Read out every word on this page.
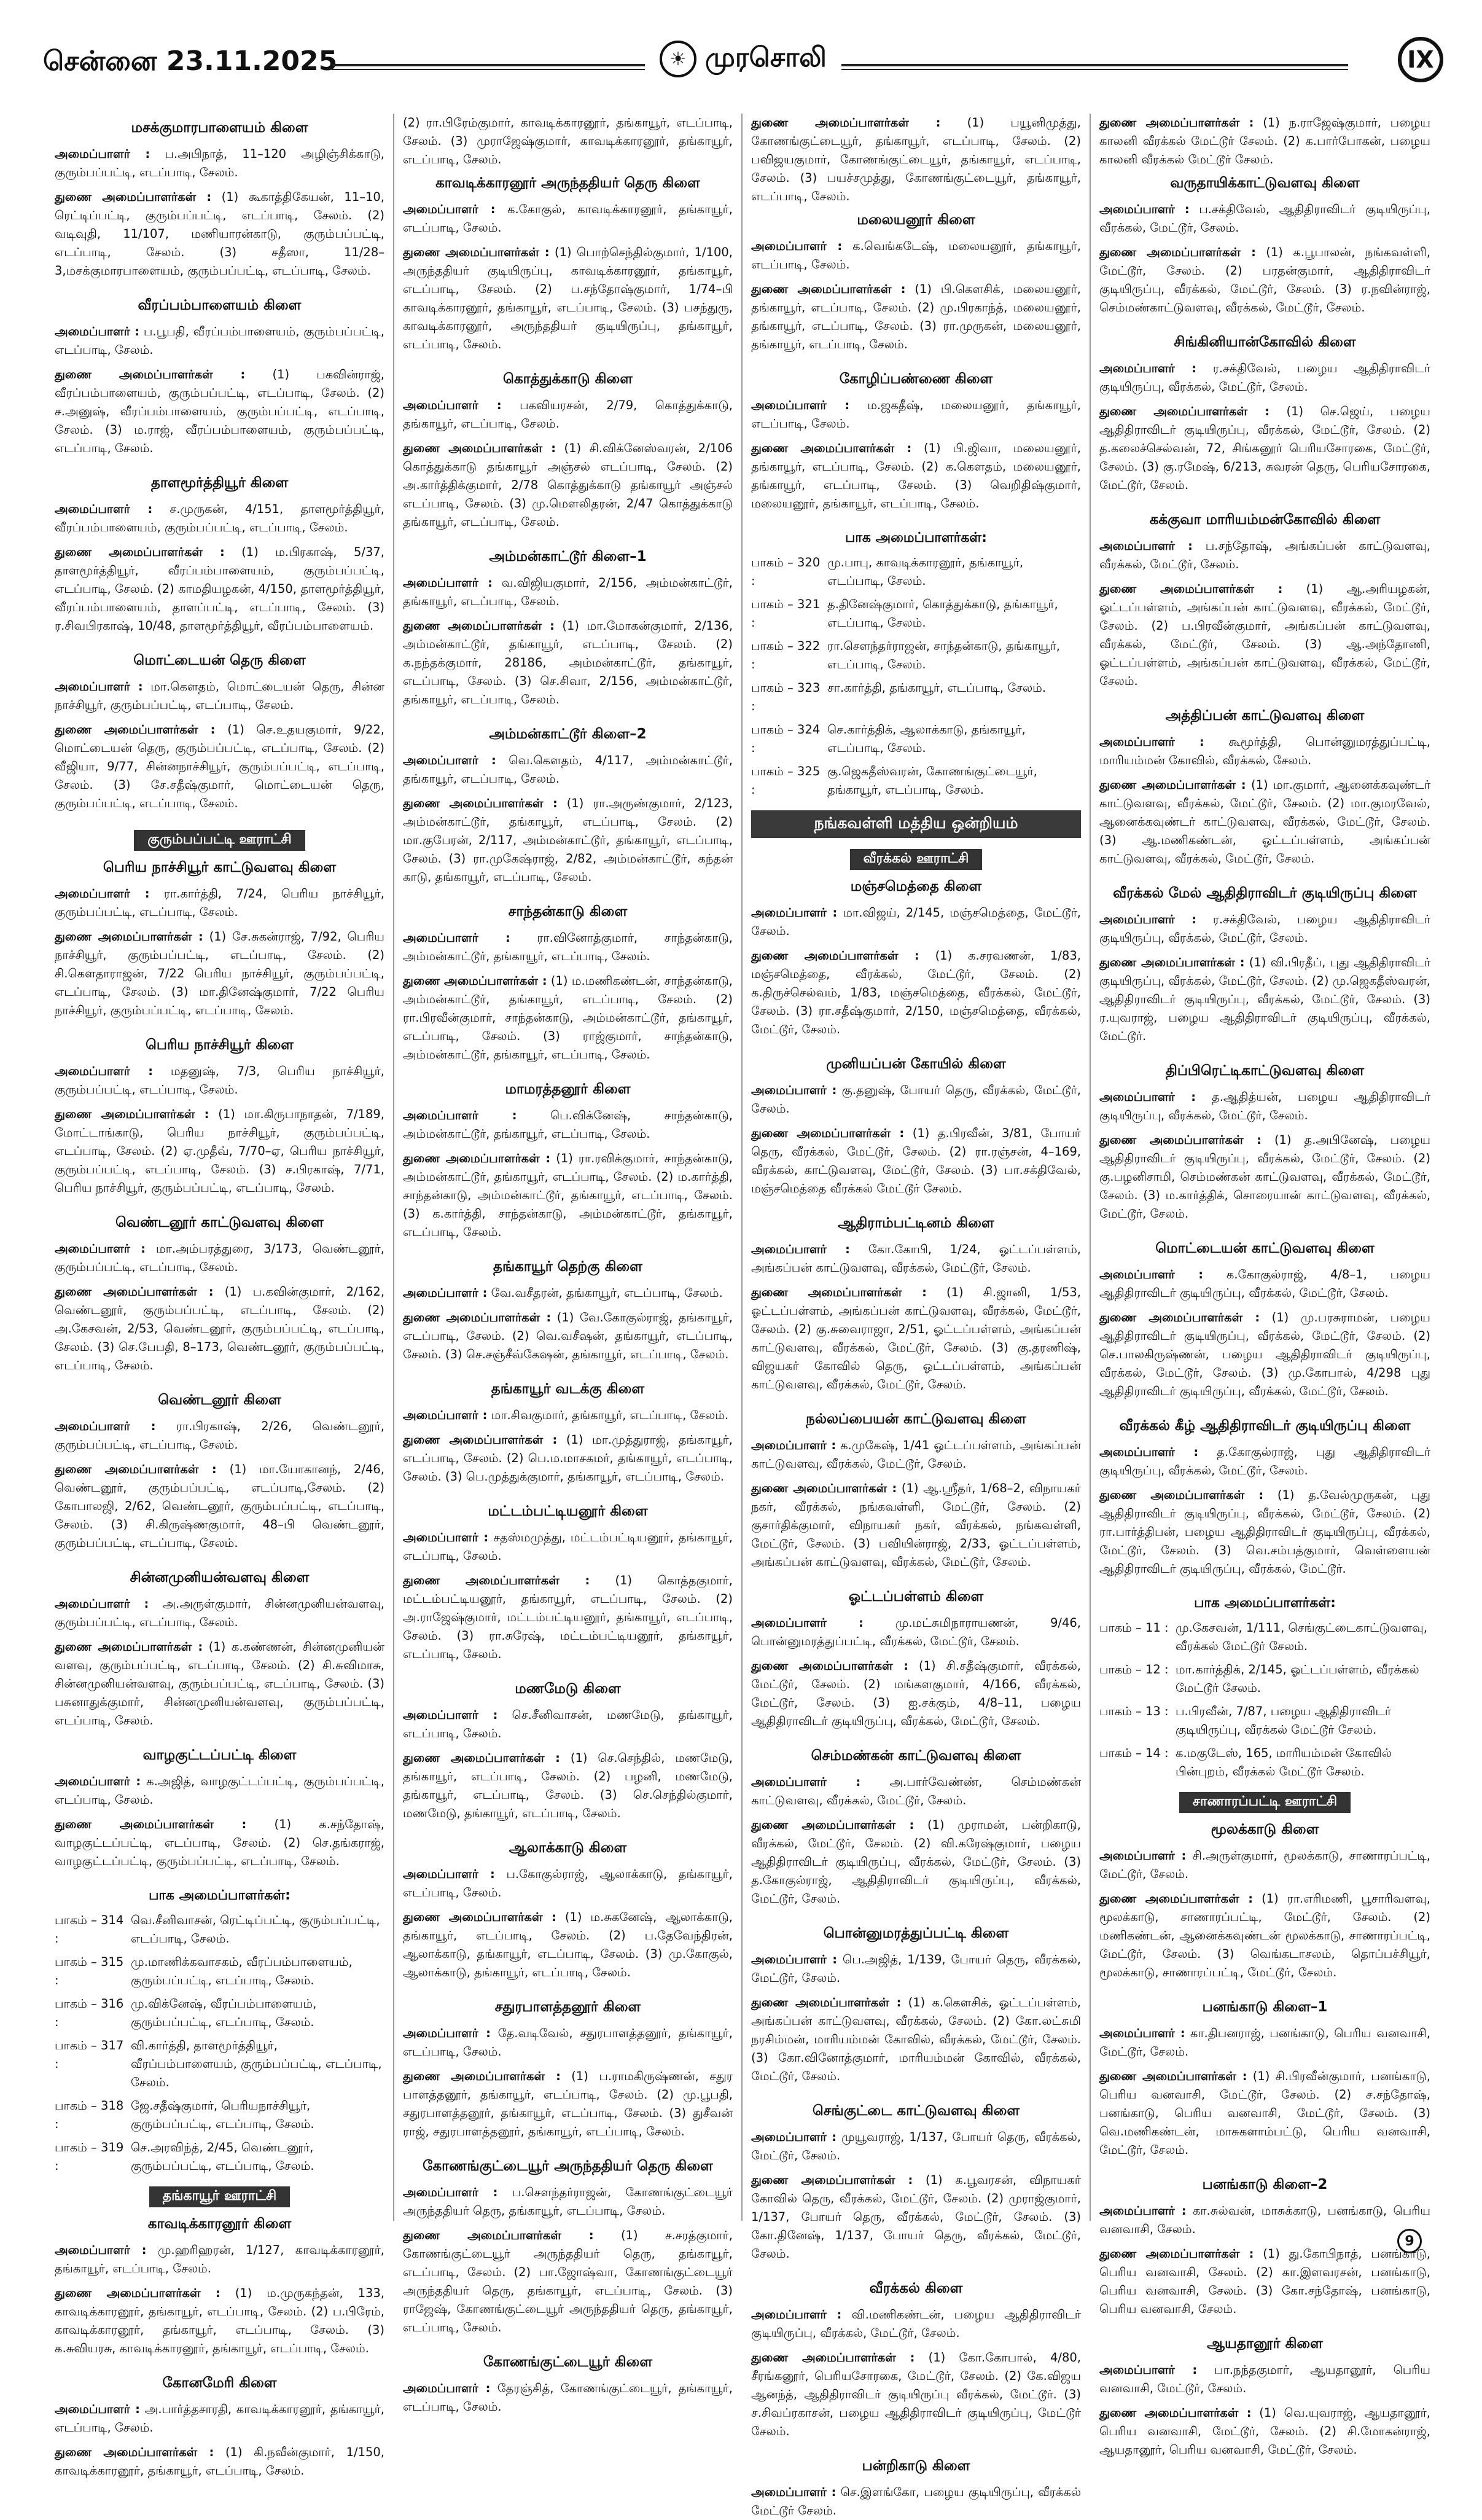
சென்னை 23.11.2025	☀ முரசொலி	IX
மசக்குமாரபாளையம் கிளை

அமைப்பாளர் : ப.அபிநாத், 11–120 அழிஞ்சிக்காடு, குரும்பப்பட்டி, எடப்பாடி, சேலம்.

துணை அமைப்பாளர்கள் : (1) கூகாத்திகேயன், 11–10, ரெட்டிப்பட்டி, குரும்பப்பட்டி, எடப்பாடி, சேலம். (2) வடிவுதி, 11/107, மணியாரன்காடு, குரும்பப்பட்டி, எடப்பாடி, சேலம். (3) சதீஸா, 11/28–3,மசக்குமாரபாளையம், குரும்பப்பட்டி, எடப்பாடி, சேலம்.

வீரப்பம்பாளையம் கிளை

அமைப்பாளர் : ப.பூபதி, வீரப்பம்பாளையம், குரும்பப்பட்டி, எடப்பாடி, சேலம்.

துணை அமைப்பாளர்கள் : (1) பகவின்ராஜ், வீரப்பம்பாளையம், குரும்பப்பட்டி, எடப்பாடி, சேலம். (2) ச.அனுஷ், வீரப்பம்பாளையம், குரும்பப்பட்டி, எடப்பாடி, சேலம். (3) ம.ராஜ், வீரப்பம்பாளையம், குரும்பப்பட்டி, எடப்பாடி, சேலம்.

தாளமூர்த்தியூர் கிளை

அமைப்பாளர் : ச.முருகன், 4/151, தாளமூர்த்தியூர், வீரப்பம்பாளையம், குரும்பப்பட்டி, எடப்பாடி, சேலம்.

துணை அமைப்பாளர்கள் : (1) ம.பிரகாஷ், 5/37, தாளமூர்த்தியூர், வீரப்பம்பாளையம், குரும்பப்பட்டி, எடப்பாடி, சேலம். (2) காமதியழகன், 4/150, தாளமூர்த்தியூர், வீரப்பம்பாளையம், தாளப்பட்டி, எடப்பாடி, சேலம். (3) ர.சிவபிரகாஷ், 10/48, தாளமூர்த்தியூர், வீரப்பம்பாளையம்.

மொட்டையன் தெரு கிளை

அமைப்பாளர் : மா.கௌதம், மொட்டையன் தெரு, சின்ன நாச்சியூர், குரும்பப்பட்டி, எடப்பாடி, சேலம்.

துணை அமைப்பாளர்கள் : (1) செ.உதயகுமார், 9/22, மொட்டையன் தெரு, குரும்பப்பட்டி, எடப்பாடி, சேலம். (2) வீஜியா, 9/77, சின்னநாச்சியூர், குரும்பப்பட்டி, எடப்பாடி, சேலம். (3) சே.சதீஷ்குமார், மொட்டையன் தெரு, குரும்பப்பட்டி, எடப்பாடி, சேலம்.

குரும்பப்பட்டி ஊராட்சி
பெரிய நாச்சியூர் காட்டுவளவு கிளை

அமைப்பாளர் : ரா.கார்த்தி, 7/24, பெரிய நாச்சியூர், குரும்பப்பட்டி, எடப்பாடி, சேலம்.

துணை அமைப்பாளர்கள் : (1) சே.சுகன்ராஜ், 7/92, பெரிய நாச்சியூர், குரும்பப்பட்டி, எடப்பாடி, சேலம். (2) சி.கௌதாராஜன், 7/22 பெரிய நாச்சியூர், குரும்பப்பட்டி, எடப்பாடி, சேலம். (3) மா.தினேஷ்குமார், 7/22 பெரிய நாச்சியூர், குரும்பப்பட்டி, எடப்பாடி, சேலம்.

பெரிய நாச்சியூர் கிளை

அமைப்பாளர் : மதனுஷ், 7/3, பெரிய நாச்சியூர், குரும்பப்பட்டி, எடப்பாடி, சேலம்.

துணை அமைப்பாளர்கள் : (1) மா.கிருபாநாதன், 7/189, மோட்டாங்காடு, பெரிய நாச்சியூர், குரும்பப்பட்டி, எடப்பாடி, சேலம். (2) ஏ.முதீவ், 7/70–ஏ, பெரிய நாச்சியூர், குரும்பப்பட்டி, எடப்பாடி, சேலம். (3) ச.பிரகாஷ், 7/71, பெரிய நாச்சியூர், குரும்பப்பட்டி, எடப்பாடி, சேலம்.

வெண்டனூர் காட்டுவளவு கிளை

அமைப்பாளர் : மா.அம்பரத்துரை, 3/173, வெண்டனூர், குரும்பப்பட்டி, எடப்பாடி, சேலம்.

துணை அமைப்பாளர்கள் : (1) ப.கவின்குமார், 2/162, வெண்டனூர், குரும்பப்பட்டி, எடப்பாடி, சேலம். (2) அ.கேசவன், 2/53, வெண்டனூர், குரும்பப்பட்டி, எடப்பாடி, சேலம். (3) செ.பேபதி, 8–173, வெண்டனூர், குரும்பப்பட்டி, எடப்பாடி, சேலம்.

வெண்டனூர் கிளை

அமைப்பாளர் : ரா.பிரகாஷ், 2/26, வெண்டனூர், குரும்பப்பட்டி, எடப்பாடி, சேலம்.

துணை அமைப்பாளர்கள் : (1) மா.யோகானந், 2/46, வெண்டனூர், குரும்பப்பட்டி, எடப்பாடி,சேலம். (2) கோபாலஜி, 2/62, வெண்டனூர், குரும்பப்பட்டி, எடப்பாடி, சேலம். (3) சி.கிருஷ்ணகுமார், 48–பி வெண்டனூர், குரும்பப்பட்டி, எடப்பாடி, சேலம்.

சின்னமுனியன்வளவு கிளை

அமைப்பாளர் : அ.அருள்குமார், சின்னமுனியன்வளவு, குரும்பப்பட்டி, எடப்பாடி, சேலம்.

துணை அமைப்பாளர்கள் : (1) க.கண்ணன், சின்னமுனியன் வளவு, குரும்பப்பட்டி, எடப்பாடி, சேலம். (2) சி.சுவிமாசு, சின்னமுனியன்வளவு, குரும்பப்பட்டி, எடப்பாடி, சேலம். (3) பசுனாதுக்குமார், சின்னமுனியன்வளவு, குரும்பப்பட்டி, எடப்பாடி, சேலம்.

வாழகுட்டப்பட்டி கிளை

அமைப்பாளர் : க.அஜித், வாழகுட்டப்பட்டி, குரும்பப்பட்டி, எடப்பாடி, சேலம்.

துணை அமைப்பாளர்கள் : (1) க.சந்தோஷ், வாழகுட்டப்பட்டி, எடப்பாடி, சேலம். (2) செ.தங்கராஜ், வாழகுட்டப்பட்டி, குரும்பப்பட்டி, எடப்பாடி, சேலம்.

பாக அமைப்பாளர்கள்:
பாகம் – 314 :
வெ.சீனிவாசன், ரெட்டிப்பட்டி, குரும்பப்பட்டி, எடப்பாடி, சேலம்.
பாகம் – 315 :
மு.மாணிக்கவாசகம், வீரப்பம்பாளையம், குரும்பப்பட்டி, எடப்பாடி, சேலம்.
பாகம் – 316 :
மு.விக்னேஷ், வீரப்பம்பாளையம், குரும்பப்பட்டி, எடப்பாடி, சேலம்.
பாகம் – 317 :
வி.கார்த்தி, தாளமூர்த்தியூர், வீரப்பம்பாளையம், குரும்பப்பட்டி, எடப்பாடி, சேலம்.
பாகம் – 318 :
ஜே.சதீஷ்குமார், பெரியநாச்சியூர், குரும்பப்பட்டி, எடப்பாடி, சேலம்.
பாகம் – 319 :
செ.அரவிந்த், 2/45, வெண்டனூர், குரும்பப்பட்டி, எடப்பாடி, சேலம்.
தங்காயூர் ஊராட்சி
காவடிக்காரனூர் கிளை

அமைப்பாளர் : மு.ஹரிஹரன், 1/127, காவடிக்காரனூர், தங்காயூர், எடப்பாடி, சேலம்.

துணை அமைப்பாளர்கள் : (1) ம.முருகந்தன், 133, காவடிக்காரனூர், தங்காயூர், எடப்பாடி, சேலம். (2) ப.பிரேம், காவடிக்காரனூர், தங்காயூர், எடப்பாடி, சேலம். (3) க.சுவியரசு, காவடிக்காரனூர், தங்காயூர், எடப்பாடி, சேலம்.

கோனமேரி கிளை

அமைப்பாளர் : அ.பார்த்தசாரதி, காவடிக்காரனூர், தங்காயூர், எடப்பாடி, சேலம்.

துணை அமைப்பாளர்கள் : (1) கி.நவீன்குமார், 1/150, காவடிக்காரனூர், தங்காயூர், எடப்பாடி, சேலம்.

(2) ரா.பிரேம்குமார், காவடிக்காரனூர், தங்காயூர், எடப்பாடி, சேலம். (3) முராஜேஷ்குமார், காவடிக்காரனூர், தங்காயூர், எடப்பாடி, சேலம்.

காவடிக்காரனூர் அருந்ததியர் தெரு கிளை

அமைப்பாளர் : க.கோகுல், காவடிக்காரனூர், தங்காயூர், எடப்பாடி, சேலம்.

துணை அமைப்பாளர்கள் : (1) பொற்செந்தில்குமார், 1/100, அருந்ததியர் குடியிருப்பு, காவடிக்காரனூர், தங்காயூர், எடப்பாடி, சேலம். (2) ப.சந்தோஷ்குமார், 1/74–பி காவடிக்காரனூர், தங்காயூர், எடப்பாடி, சேலம். (3) பசந்துரு, காவடிக்காரனூர், அருந்ததியர் குடியிருப்பு, தங்காயூர், எடப்பாடி, சேலம்.

கொத்துக்காடு கிளை

அமைப்பாளர் : பகவியரசன், 2/79, கொத்துக்காடு, தங்காயூர், எடப்பாடி, சேலம்.

துணை அமைப்பாளர்கள் : (1) சி.விக்னேஸ்வரன், 2/106 கொத்துக்காடு தங்காயூர் அஞ்சல் எடப்பாடி, சேலம். (2) அ.கார்த்திக்குமார், 2/78 கொத்துக்காடு தங்காயூர் அஞ்சல் எடப்பாடி, சேலம். (3) மு.மௌலிதரன், 2/47 கொத்துக்காடு தங்காயூர், எடப்பாடி, சேலம்.

அம்மன்காட்டூர் கிளை–1

அமைப்பாளர் : வ.விஜியகுமார், 2/156, அம்மன்காட்டூர், தங்காயூர், எடப்பாடி, சேலம்.

துணை அமைப்பாளர்கள் : (1) மா.மோகன்குமார், 2/136, அம்மன்காட்டூர், தங்காயூர், எடப்பாடி, சேலம். (2) க.நந்தக்குமார், 28186, அம்மன்காட்டூர், தங்காயூர், எடப்பாடி, சேலம். (3) செ.சிவா, 2/156, அம்மன்காட்டூர், தங்காயூர், எடப்பாடி, சேலம்.

அம்மன்காட்டூர் கிளை–2

அமைப்பாளர் : வெ.கௌதம், 4/117, அம்மன்காட்டூர், தங்காயூர், எடப்பாடி, சேலம்.

துணை அமைப்பாளர்கள் : (1) ரா.அருண்குமார், 2/123, அம்மன்காட்டூர், தங்காயூர், எடப்பாடி, சேலம். (2) மா.குபேரன், 2/117, அம்மன்காட்டூர், தங்காயூர், எடப்பாடி, சேலம். (3) ரா.முகேஷ்ராஜ், 2/82, அம்மன்காட்டூர், கந்தன் காடு, தங்காயூர், எடப்பாடி, சேலம்.

சாந்தன்காடு கிளை

அமைப்பாளர் : ரா.வினோத்குமார், சாந்தன்காடு, அம்மன்காட்டூர், தங்காயூர், எடப்பாடி, சேலம்.

துணை அமைப்பாளர்கள் : (1) ம.மணிகண்டன், சாந்தன்காடு, அம்மன்காட்டூர், தங்காயூர், எடப்பாடி, சேலம். (2) ரா.பிரவீன்குமார், சாந்தன்காடு, அம்மன்காட்டூர், தங்காயூர், எடப்பாடி, சேலம். (3) ராஜ்குமார், சாந்தன்காடு, அம்மன்காட்டூர், தங்காயூர், எடப்பாடி, சேலம்.

மாமரத்தனூர் கிளை

அமைப்பாளர் :	பெ.விக்னேஷ், சாந்தன்காடு, அம்மன்காட்டூர், தங்காயூர், எடப்பாடி, சேலம்.

துணை அமைப்பாளர்கள் : (1) ரா.ரவிக்குமார், சாந்தன்காடு, அம்மன்காட்டூர், தங்காயூர், எடப்பாடி, சேலம். (2) ம.கார்த்தி, சாந்தன்காடு, அம்மன்காட்டூர், தங்காயூர், எடப்பாடி, சேலம். (3) க.கார்த்தி, சாந்தன்காடு, அம்மன்காட்டூர், தங்காயூர், எடப்பாடி, சேலம்.

தங்காயூர் தெற்கு கிளை

அமைப்பாளர் : வே.வசீதரன், தங்காயூர், எடப்பாடி, சேலம்.

துணை அமைப்பாளர்கள் : (1) வே.கோகுல்ராஜ், தங்காயூர், எடப்பாடி, சேலம். (2) வெ.வசீஷன், தங்காயூர், எடப்பாடி, சேலம். (3) செ.சஞ்சீவ்கேஷன், தங்காயூர், எடப்பாடி, சேலம்.

தங்காயூர் வடக்கு கிளை

அமைப்பாளர் : மா.சிவகுமார், தங்காயூர், எடப்பாடி, சேலம்.

துணை அமைப்பாளர்கள் : (1) மா.முத்துராஜ், தங்காயூர், எடப்பாடி, சேலம். (2) பெ.ம.மாசகமர், தங்காயூர், எடப்பாடி, சேலம். (3) பெ.முத்துக்குமார், தங்காயூர், எடப்பாடி, சேலம்.

மட்டம்பட்டியனூர் கிளை

அமைப்பாளர் : சதஸ்மமுத்து, மட்டம்பட்டியனூர், தங்காயூர், எடப்பாடி, சேலம்.

துணை அமைப்பாளர்கள் : (1) கொத்தகுமார், மட்டம்பட்டியனூர், தங்காயூர், எடப்பாடி, சேலம். (2) அ.ராஜேஷ்குமார், மட்டம்பட்டியனூர், தங்காயூர், எடப்பாடி, சேலம். (3) ரா.சுரேஷ், மட்டம்பட்டியனூர், தங்காயூர், எடப்பாடி, சேலம்.

மணமேடு கிளை

அமைப்பாளர் : செ.சீனிவாசன், மணமேடு, தங்காயூர், எடப்பாடி, சேலம்.

துணை அமைப்பாளர்கள் : (1) செ.செந்தில், மணமேடு, தங்காயூர், எடப்பாடி, சேலம். (2) பழனி, மணமேடு, தங்காயூர், எடப்பாடி, சேலம். (3) செ.செந்தில்குமார், மணமேடு, தங்காயூர், எடப்பாடி, சேலம்.

ஆலாக்காடு கிளை

அமைப்பாளர் : ப.கோகுல்ராஜ், ஆலாக்காடு, தங்காயூர், எடப்பாடி, சேலம்.

துணை அமைப்பாளர்கள் : (1) ம.சுகனேஷ், ஆலாக்காடு, தங்காயூர், எடப்பாடி, சேலம். (2) ப.தேவேந்திரன், ஆலாக்காடு, தங்காயூர், எடப்பாடி, சேலம். (3) மு.கோகுல், ஆலாக்காடு, தங்காயூர், எடப்பாடி, சேலம்.

சதுரபாளத்தனூர் கிளை

அமைப்பாளர் : தே.வடிவேல், சதுரபாளத்தனூர், தங்காயூர், எடப்பாடி, சேலம்.

துணை அமைப்பாளர்கள் : (1) ப.ராமகிருஷ்ணன், சதுர பாளத்தனூர், தங்காயூர், எடப்பாடி, சேலம். (2) மு.பூபதி, சதுரபாளத்தனூர், தங்காயூர், எடப்பாடி, சேலம். (3) துசீவன் ராஜ், சதுரபாளத்தனூர், தங்காயூர், எடப்பாடி, சேலம்.

கோணங்குட்டையூர் அருந்ததியர் தெரு கிளை

அமைப்பாளர் : ப.சௌந்தர்ராஜன், கோணங்குட்டையூர் அருந்ததியர் தெரு, தங்காயூர், எடப்பாடி, சேலம்.

துணை அமைப்பாளர்கள் : (1) ச.சரத்குமார், கோணங்குட்டையூர் அருந்ததியர் தெரு, தங்காயூர், எடப்பாடி, சேலம். (2) பா.ஜோஷ்வா, கோணங்குட்டையூர் அருந்ததியர் தெரு, தங்காயூர், எடப்பாடி, சேலம். (3) ராஜேஷ், கோணங்குட்டையூர் அருந்ததியர் தெரு, தங்காயூர், எடப்பாடி, சேலம்.

கோணங்குட்டையூர் கிளை

அமைப்பாளர் : தேரஞ்சித், கோணங்குட்டையூர், தங்காயூர், எடப்பாடி, சேலம்.

துணை அமைப்பாளர்கள் : (1) பயூனிமுத்து, கோணங்குட்டையூர், தங்காயூர், எடப்பாடி, சேலம். (2) பவிஜயகுமார், கோணங்குட்டையூர், தங்காயூர், எடப்பாடி, சேலம். (3) பயச்சமுத்து, கோணங்குட்டையூர், தங்காயூர், எடப்பாடி, சேலம்.

மலையனூர் கிளை

அமைப்பாளர் : க.வெங்கடேஷ், மலையனூர், தங்காயூர், எடப்பாடி, சேலம்.

துணை அமைப்பாளர்கள் : (1) பி.கௌசிக், மலையனூர், தங்காயூர், எடப்பாடி, சேலம். (2) மு.பிரகாந்த், மலையனூர், தங்காயூர், எடப்பாடி, சேலம். (3) ரா.முருகன், மலையனூர், தங்காயூர், எடப்பாடி, சேலம்.

கோழிப்பண்ணை கிளை

அமைப்பாளர் : ம.ஜகதீஷ், மலையனூர், தங்காயூர், எடப்பாடி, சேலம்.

துணை அமைப்பாளர்கள் : (1) பி.ஜிவா, மலையனூர், தங்காயூர், எடப்பாடி, சேலம். (2) க.கௌதம், மலையனூர், தங்காயூர், எடப்பாடி, சேலம். (3) வெறிதிஷ்குமார், மலையனூர், தங்காயூர், எடப்பாடி, சேலம்.

பாக அமைப்பாளர்கள்:
பாகம் – 320 :
மு.பாபு, காவடிக்காரனூர், தங்காயூர், எடப்பாடி, சேலம்.
பாகம் – 321 :
த.தினேஷ்குமார், கொத்துக்காடு, தங்காயூர், எடப்பாடி, சேலம்.
பாகம் – 322 :
ரா.சௌந்தர்ராஜன், சாந்தன்காடு, தங்காயூர், எடப்பாடி, சேலம்.
பாகம் – 323 :
சா.கார்த்தி, தங்காயூர், எடப்பாடி, சேலம்.
பாகம் – 324 :
செ.கார்த்திக், ஆலாக்காடு, தங்காயூர், எடப்பாடி, சேலம்.
பாகம் – 325 :
கு.ஜெகதீஸ்வரன், கோணங்குட்டையூர், தங்காயூர், எடப்பாடி, சேலம்.
நங்கவள்ளி மத்திய ஒன்றியம்
வீரக்கல் ஊராட்சி
மஞ்சமெத்தை கிளை

அமைப்பாளர் : மா.விஜய், 2/145, மஞ்சமெத்தை, மேட்டூர், சேலம்.

துணை அமைப்பாளர்கள் : (1) க.சரவணன், 1/83, மஞ்சமெத்தை, வீரக்கல், மேட்டூர், சேலம். (2) க.திருச்செல்வம், 1/83, மஞ்சமெத்தை, வீரக்கல், மேட்டூர், சேலம். (3) ரா.சதீஷ்குமார், 2/150, மஞ்சமெத்தை, வீரக்கல், மேட்டூர், சேலம்.

முனியப்பன் கோயில் கிளை

அமைப்பாளர் : கு.தனுஷ், போயர் தெரு, வீரக்கல், மேட்டூர், சேலம்.

துணை அமைப்பாளர்கள் : (1) த.பிரவீன், 3/81, போயர் தெரு, வீரக்கல், மேட்டூர், சேலம். (2) ரா.ரஞ்சன், 4–169, வீரக்கல், காட்டுவளவு, மேட்டூர், சேலம். (3) பா.சக்திவேல், மஞ்சமெத்தை வீரக்கல் மேட்டூர் சேலம்.

ஆதிராம்பட்டினம் கிளை

அமைப்பாளர் : கோ.கோபி, 1/24, ஓட்டப்பள்ளம், அங்கப்பன் காட்டுவளவு, வீரக்கல், மேட்டூர், சேலம்.

துணை அமைப்பாளர்கள் : (1) சி.ஜானி, 1/53, ஓட்டப்பள்ளம், அங்கப்பன் காட்டுவளவு, வீரக்கல், மேட்டூர், சேலம். (2) கு.சுவைராஜா, 2/51, ஓட்டப்பள்ளம், அங்கப்பன் காட்டுவளவு, வீரக்கல், மேட்டூர், சேலம். (3) கு.தரணிஷ், விஜயகர் கோவில் தெரு, ஓட்டப்பள்ளம், அங்கப்பன் காட்டுவளவு, வீரக்கல், மேட்டூர், சேலம்.

நல்லப்பையன் காட்டுவளவு கிளை

அமைப்பாளர் : க.முகேஷ், 1/41 ஓட்டப்பள்ளம், அங்கப்பன் காட்டுவளவு, வீரக்கல், மேட்டூர், சேலம்.

துணை அமைப்பாளர்கள் : (1) ஆ.ஸ்ரீதர், 1/68–2, விநாயகர் நகர், வீரக்கல், நங்கவள்ளி, மேட்டூர், சேலம். (2) குசார்திக்குமார், விநாயகர் நகர், வீரக்கல், நங்கவள்ளி, மேட்டூர், சேலம். (3) பவியின்ராஜ், 2/33, ஓட்டப்பள்ளம், அங்கப்பன் காட்டுவளவு, வீரக்கல், மேட்டூர், சேலம்.

ஓட்டப்பள்ளம் கிளை

அமைப்பாளர் :	மு.மட்சுமிநாராயணன், 9/46, பொன்னுமரத்துப்பட்டி, வீரக்கல், மேட்டூர், சேலம்.

துணை அமைப்பாளர்கள் : (1) சி.சதீஷ்குமார், வீரக்கல், மேட்டூர், சேலம். (2) மங்களகுமார், 4/166, வீரக்கல், மேட்டூர், சேலம். (3) ஐ.சக்கும், 4/8–11, பழைய ஆதிதிராவிடர் குடியிருப்பு, வீரக்கல், மேட்டூர், சேலம்.

செம்மண்கன் காட்டுவளவு கிளை

அமைப்பாளர் : அ.பார்வேண்ண், செம்மண்கன் காட்டுவளவு, வீரக்கல், மேட்டூர், சேலம்.

துணை அமைப்பாளர்கள் : (1) முராமன், பன்றிகாடு, வீரக்கல், மேட்டூர், சேலம். (2) வி.கரேஷ்குமார், பழைய ஆதிதிராவிடர் குடியிருப்பு, வீரக்கல், மேட்டூர், சேலம். (3) த.கோகுல்ராஜ், ஆதிதிராவிடர் குடியிருப்பு, வீரக்கல், மேட்டூர், சேலம்.

பொன்னுமரத்துப்பட்டி கிளை

அமைப்பாளர் : பெ.அஜித், 1/139, போயர் தெரு, வீரக்கல், மேட்டூர், சேலம்.

துணை அமைப்பாளர்கள் : (1) க.கௌசிக், ஓட்டப்பள்ளம், அங்கப்பன் காட்டுவளவு, வீரக்கல், சேலம். (2) கோ.லட்சுமி நரசிம்மன், மாரியம்மன் கோவில், வீரக்கல், மேட்டூர், சேலம். (3) கோ.வினோத்குமார், மாரியம்மன் கோவில், வீரக்கல், மேட்டூர், சேலம்.

செங்குட்டை காட்டுவளவு கிளை

அமைப்பாளர் : முயூவராஜ், 1/137, போயர் தெரு, வீரக்கல், மேட்டூர், சேலம்.

துணை அமைப்பாளர்கள் : (1) க.பூவரசன், விநாயகர் கோவில் தெரு, வீரக்கல், மேட்டூர், சேலம். (2) முராஜ்குமார், 1/137, போயர் தெரு, வீரக்கல், மேட்டூர், சேலம். (3) கோ.தினேஷ், 1/137, போயர் தெரு, வீரக்கல், மேட்டூர், சேலம்.

வீரக்கல் கிளை

அமைப்பாளர் : வி.மணிகண்டன், பழைய ஆதிதிராவிடர் குடியிருப்பு, வீரக்கல், மேட்டூர், சேலம்.

துணை அமைப்பாளர்கள் : (1) கோ.கோபால், 4/80, சீரங்கனூர், பெரியசோரகை, மேட்டூர், சேலம். (2) கே.விஜய ஆனந்த், ஆதிதிராவிடர் குடியிருப்பு வீரக்கல், மேட்டூர். (3) ச.சிவப்ரகாசன், பழைய ஆதிதிராவிடர் குடியிருப்பு, மேட்டூர் சேலம்.

பன்றிகாடு கிளை

அமைப்பாளர் : செ.இளங்கோ, பழைய குடியிருப்பு, வீரக்கல் மேட்டூர் சேலம்.

துணை அமைப்பாளர்கள் : (1) ந.ராஜேஷ்குமார், பழைய காலனி வீரக்கல் மேட்டூர் சேலம். (2) க.பார்போகன், பழைய காலனி வீரக்கல் மேட்டூர் சேலம்.

வருதாயிக்காட்டுவளவு கிளை

அமைப்பாளர் : ப.சக்திவேல், ஆதிதிராவிடர் குடியிருப்பு, வீரக்கல், மேட்டூர், சேலம்.

துணை அமைப்பாளர்கள் : (1) க.பூபாலன், நங்கவள்ளி, மேட்டூர், சேலம். (2) பரதன்குமார், ஆதிதிராவிடர் குடியிருப்பு, வீரக்கல், மேட்டூர், சேலம். (3) ர.நவின்ராஜ், செம்மண்காட்டுவளவு, வீரக்கல், மேட்டூர், சேலம்.

சிங்கினியான்கோவில் கிளை

அமைப்பாளர் : ர.சக்திவேல், பழைய ஆதிதிராவிடர் குடியிருப்பு, வீரக்கல், மேட்டூர், சேலம்.

துணை அமைப்பாளர்கள் : (1) செ.ஜெய், பழைய ஆதிதிராவிடர் குடியிருப்பு, வீரக்கல், மேட்டூர், சேலம். (2) த.கலைச்செல்வன், 72, சிங்கனூர் பெரியசோரகை, மேட்டூர், சேலம். (3) கு.ரமேஷ், 6/213, சுவரன் தெரு, பெரியசோரகை, மேட்டூர், சேலம்.

கக்குவா மாரியம்மன்கோவில் கிளை

அமைப்பாளர் : ப.சந்தோஷ், அங்கப்பன் காட்டுவளவு, வீரக்கல், மேட்டூர், சேலம்.

துணை அமைப்பாளர்கள் : (1) ஆ.அரியழகன், ஓட்டப்பள்ளம், அங்கப்பன் காட்டுவளவு, வீரக்கல், மேட்டூர், சேலம். (2) ப.பிரவீன்குமார், அங்கப்பன் காட்டுவளவு, வீரக்கல், மேட்டூர், சேலம். (3) ஆ.அந்தோணி, ஓட்டப்பள்ளம், அங்கப்பன் காட்டுவளவு, வீரக்கல், மேட்டூர், சேலம்.

அத்திப்பன் காட்டுவளவு கிளை

அமைப்பாளர் : கூமூர்த்தி, பொன்னுமரத்துப்பட்டி, மாரியம்மன் கோவில், வீரக்கல், சேலம்.

துணை அமைப்பாளர்கள் : (1) மா.குமார், ஆனைக்கவுண்டர் காட்டுவளவு, வீரக்கல், மேட்டூர், சேலம். (2) மா.குமரவேல், ஆனைக்கவுண்டர் காட்டுவளவு, வீரக்கல், மேட்டூர், சேலம். (3) ஆ.மணிகண்டன், ஓட்டப்பள்ளம், அங்கப்பன் காட்டுவளவு, வீரக்கல், மேட்டூர், சேலம்.

வீரக்கல் மேல் ஆதிதிராவிடர் குடியிருப்பு கிளை

அமைப்பாளர் : ர.சக்திவேல், பழைய ஆதிதிராவிடர் குடியிருப்பு, வீரக்கல், மேட்டூர், சேலம்.

துணை அமைப்பாளர்கள் : (1) வி.பிரதீப், புது ஆதிதிராவிடர் குடியிருப்பு, வீரக்கல், மேட்டூர், சேலம். (2) மு.ஜெகதீஸ்வரன், ஆதிதிராவிடர் குடியிருப்பு, வீரக்கல், மேட்டூர், சேலம். (3) ர.யுவராஜ், பழைய ஆதிதிராவிடர் குடியிருப்பு, வீரக்கல், மேட்டூர்.

திப்பிரெட்டிகாட்டுவளவு கிளை

அமைப்பாளர் : த.ஆதித்யன், பழைய ஆதிதிராவிடர் குடியிருப்பு, வீரக்கல், மேட்டூர், சேலம்.

துணை அமைப்பாளர்கள் : (1) த.அபினேஷ், பழைய ஆதிதிராவிடர் குடியிருப்பு, வீரக்கல், மேட்டூர், சேலம். (2) கு.பழனிசாமி, செம்மண்கன் காட்டுவளவு, வீரக்கல், மேட்டூர், சேலம். (3) ம.கார்த்திக், சொரையான் காட்டுவளவு, வீரக்கல், மேட்டூர், சேலம்.

மொட்டையன் காட்டுவளவு கிளை

அமைப்பாளர் : க.கோகுல்ராஜ், 4/8–1, பழைய ஆதிதிராவிடர் குடியிருப்பு, வீரக்கல், மேட்டூர், சேலம்.

துணை அமைப்பாளர்கள் : (1) மு.பரசுராமன், பழைய ஆதிதிராவிடர் குடியிருப்பு, வீரக்கல், மேட்டூர், சேலம். (2) செ.பாலகிருஷ்ணன், பழைய ஆதிதிராவிடர் குடியிருப்பு, வீரக்கல், மேட்டூர், சேலம். (3) மு.கோபால், 4/298 புது ஆதிதிராவிடர் குடியிருப்பு, வீரக்கல், மேட்டூர், சேலம்.

வீரக்கல் கீழ் ஆதிதிராவிடர் குடியிருப்பு கிளை

அமைப்பாளர் : த.கோகுல்ராஜ், புது ஆதிதிராவிடர் குடியிருப்பு, வீரக்கல், மேட்டூர், சேலம்.

துணை அமைப்பாளர்கள் : (1) த.வேல்முருகன், புது ஆதிதிராவிடர் குடியிருப்பு, வீரக்கல், மேட்டூர், சேலம். (2) ரா.பார்த்திபன், பழைய ஆதிதிராவிடர் குடியிருப்பு, வீரக்கல், மேட்டூர், சேலம். (3) வெ.சம்பத்குமார், வெள்ளையன் ஆதிதிராவிடர் குடியிருப்பு, வீரக்கல், மேட்டூர்.

பாக அமைப்பாளர்கள்:
பாகம் – 11 : மு.கேசவன், 1/111, செங்குட்டைகாட்டுவளவு, வீரக்கல் மேட்டூர் சேலம்.
பாகம் – 12 : மா.கார்த்திக், 2/145, ஓட்டப்பள்ளம், வீரக்கல் மேட்டூர் சேலம்.
பாகம் – 13 : ப.பிரவீன், 7/87, பழைய ஆதிதிராவிடர் குடியிருப்பு, வீரக்கல் மேட்டூர் சேலம்.
பாகம் – 14 : க.மகுடேஸ், 165, மாரியம்மன் கோவில் பின்புறம், வீரக்கல் மேட்டூர் சேலம்.
சாணாரப்பட்டி ஊராட்சி
மூலக்காடு கிளை

அமைப்பாளர் : சி.அருள்குமார், மூலக்காடு, சாணாரப்பட்டி, மேட்டூர், சேலம்.

துணை அமைப்பாளர்கள் : (1) ரா.எரிமணி, பூசாரிவளவு, மூலக்காடு, சாணாரப்பட்டி, மேட்டூர், சேலம். (2) மணிகண்டன், ஆனைக்கவுண்டன் மூலக்காடு, சாணாரப்பட்டி, மேட்டூர், சேலம். (3) வெங்கடாசலம், தொப்பச்சியூர், மூலக்காடு, சாணாரப்பட்டி, மேட்டூர், சேலம்.

பனங்காடு கிளை–1

அமைப்பாளர் : கா.திபனராஜ், பனங்காடு, பெரிய வனவாசி, மேட்டூர், சேலம்.

துணை அமைப்பாளர்கள் : (1) சி.பிரவீன்குமார், பனங்காடு, பெரிய வனவாசி, மேட்டூர், சேலம். (2) ச.சந்தோஷ், பனங்காடு, பெரிய வனவாசி, மேட்டூர், சேலம். (3) வெ.மணிகண்டன், மாசுகளாம்பட்டு, பெரிய வனவாசி, மேட்டூர், சேலம்.

பனங்காடு கிளை–2

அமைப்பாளர் : கா.சுல்வன், மாசுக்காடு, பனங்காடு, பெரிய வனவாசி, சேலம்.

துணை அமைப்பாளர்கள் : (1) து.கோபிநாத், பனங்காடு, பெரிய வனவாசி, சேலம். (2) கா.இளவரசன், பனங்காடு, பெரிய வனவாசி, சேலம். (3) கோ.சந்தோஷ், பனங்காடு, பெரிய வனவாசி, சேலம்.

ஆயதானூர் கிளை

அமைப்பாளர் : பா.நந்தகுமார், ஆயதானூர், பெரிய வனவாசி, மேட்டூர், சேலம்.

துணை அமைப்பாளர்கள் : (1) வெ.யுவராஜ், ஆயதானூர், பெரிய வனவாசி, மேட்டூர், சேலம். (2) சி.மோகன்ராஜ், ஆயதானூர், பெரிய வனவாசி, மேட்டூர், சேலம்.

9
